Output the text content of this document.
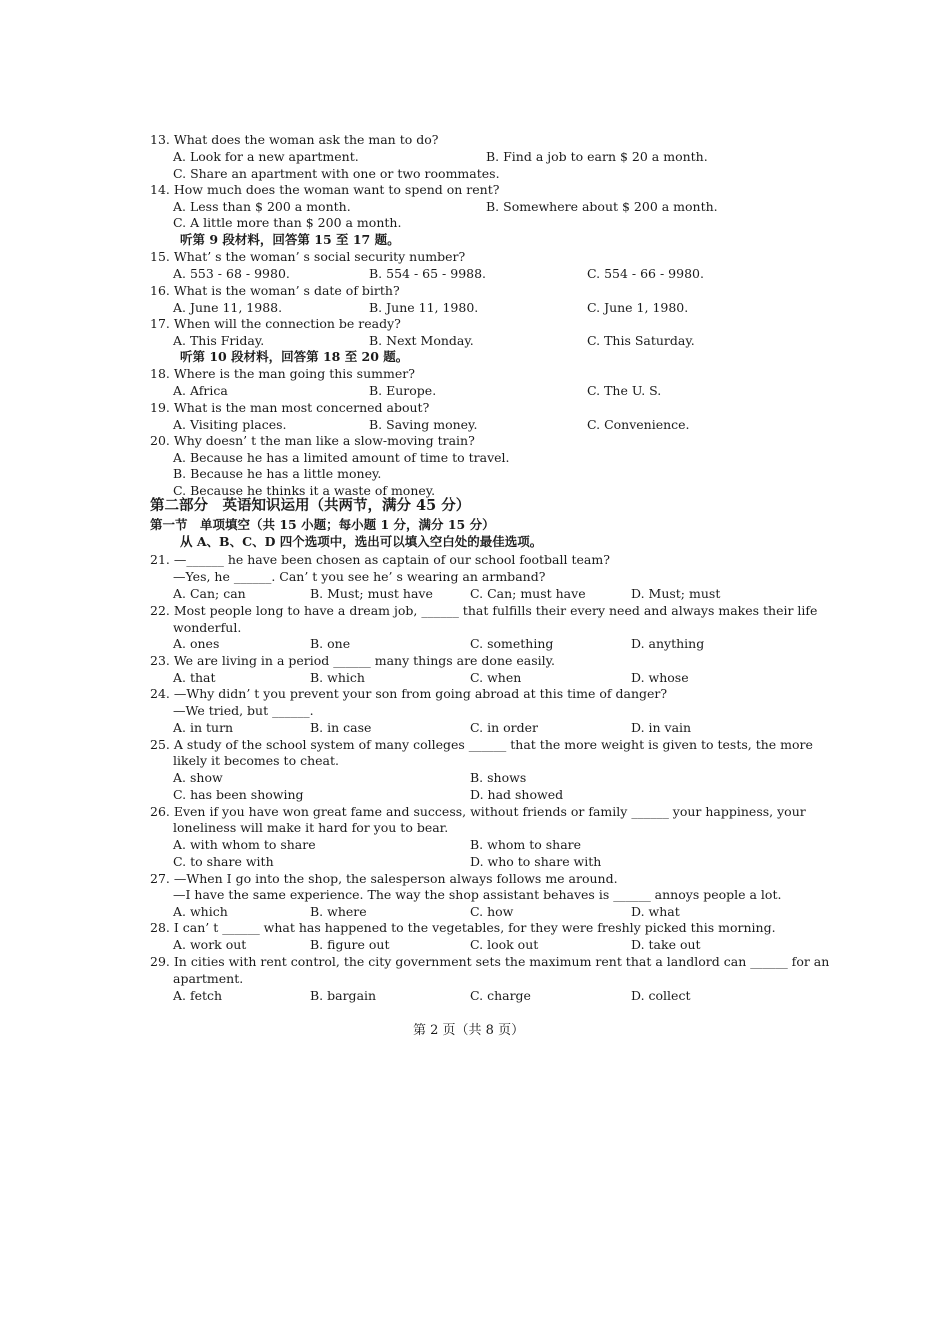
13. What does the woman ask the man to do?
A. Look for a new apartment.	B. Find a job to earn $ 20 a month.
C. Share an apartment with one or two roommates.
14. How much does the woman want to spend on rent?
A. Less than $ 200 a month.	B. Somewhere about $ 200 a month.
C. A little more than $ 200 a month.
听第 9 段材料，回答第 15 至 17 题。
15. What’ s the woman’ s social security number?
A. 553 - 68 - 9980.	B. 554 - 65 - 9988.	C. 554 - 66 - 9980.
16. What is the woman’ s date of birth?
A. June 11, 1988.	B. June 11, 1980.	C. June 1, 1980.
17. When will the connection be ready?
A. This Friday.	B. Next Monday.	C. This Saturday.
听第 10 段材料，回答第 18 至 20 题。
18. Where is the man going this summer?
A. Africa	B. Europe.	C. The U. S.
19. What is the man most concerned about?
A. Visiting places.	B. Saving money.	C. Convenience.
20. Why doesn’ t the man like a slow-moving train?
A. Because he has a limited amount of time to travel.
B. Because he has a little money.
C. Because he thinks it a waste of money.
第二部分　英语知识运用（共两节，满分 45 分）
第一节　单项填空（共 15 小题；每小题 1 分，满分 15 分）
从 A、B、C、D 四个选项中，选出可以填入空白处的最佳选项。
21. —______ he have been chosen as captain of our school football team?
—Yes, he ______. Can’ t you see he’ s wearing an armband?
A. Can; can	B. Must; must have	C. Can; must have	D. Must; must
22. Most people long to have a dream job, ______ that fulfills their every need and always makes their life
wonderful.
A. ones	B. one	C. something	D. anything
23. We are living in a period ______ many things are done easily.
A. that	B. which	C. when	D. whose
24. —Why didn’ t you prevent your son from going abroad at this time of danger?
—We tried, but ______.
A. in turn	B. in case	C. in order	D. in vain
25. A study of the school system of many colleges ______ that the more weight is given to tests, the more
likely it becomes to cheat.
A. show	B. shows
C. has been showing	D. had showed
26. Even if you have won great fame and success, without friends or family ______ your happiness, your
loneliness will make it hard for you to bear.
A. with whom to share	B. whom to share
C. to share with	D. who to share with
27. —When I go into the shop, the salesperson always follows me around.
—I have the same experience. The way the shop assistant behaves is ______ annoys people a lot.
A. which	B. where	C. how	D. what
28. I can’ t ______ what has happened to the vegetables, for they were freshly picked this morning.
A. work out	B. figure out	C. look out	D. take out
29. In cities with rent control, the city government sets the maximum rent that a landlord can ______ for an
apartment.
A. fetch	B. bargain	C. charge	D. collect
第 2 页（共 8 页）
